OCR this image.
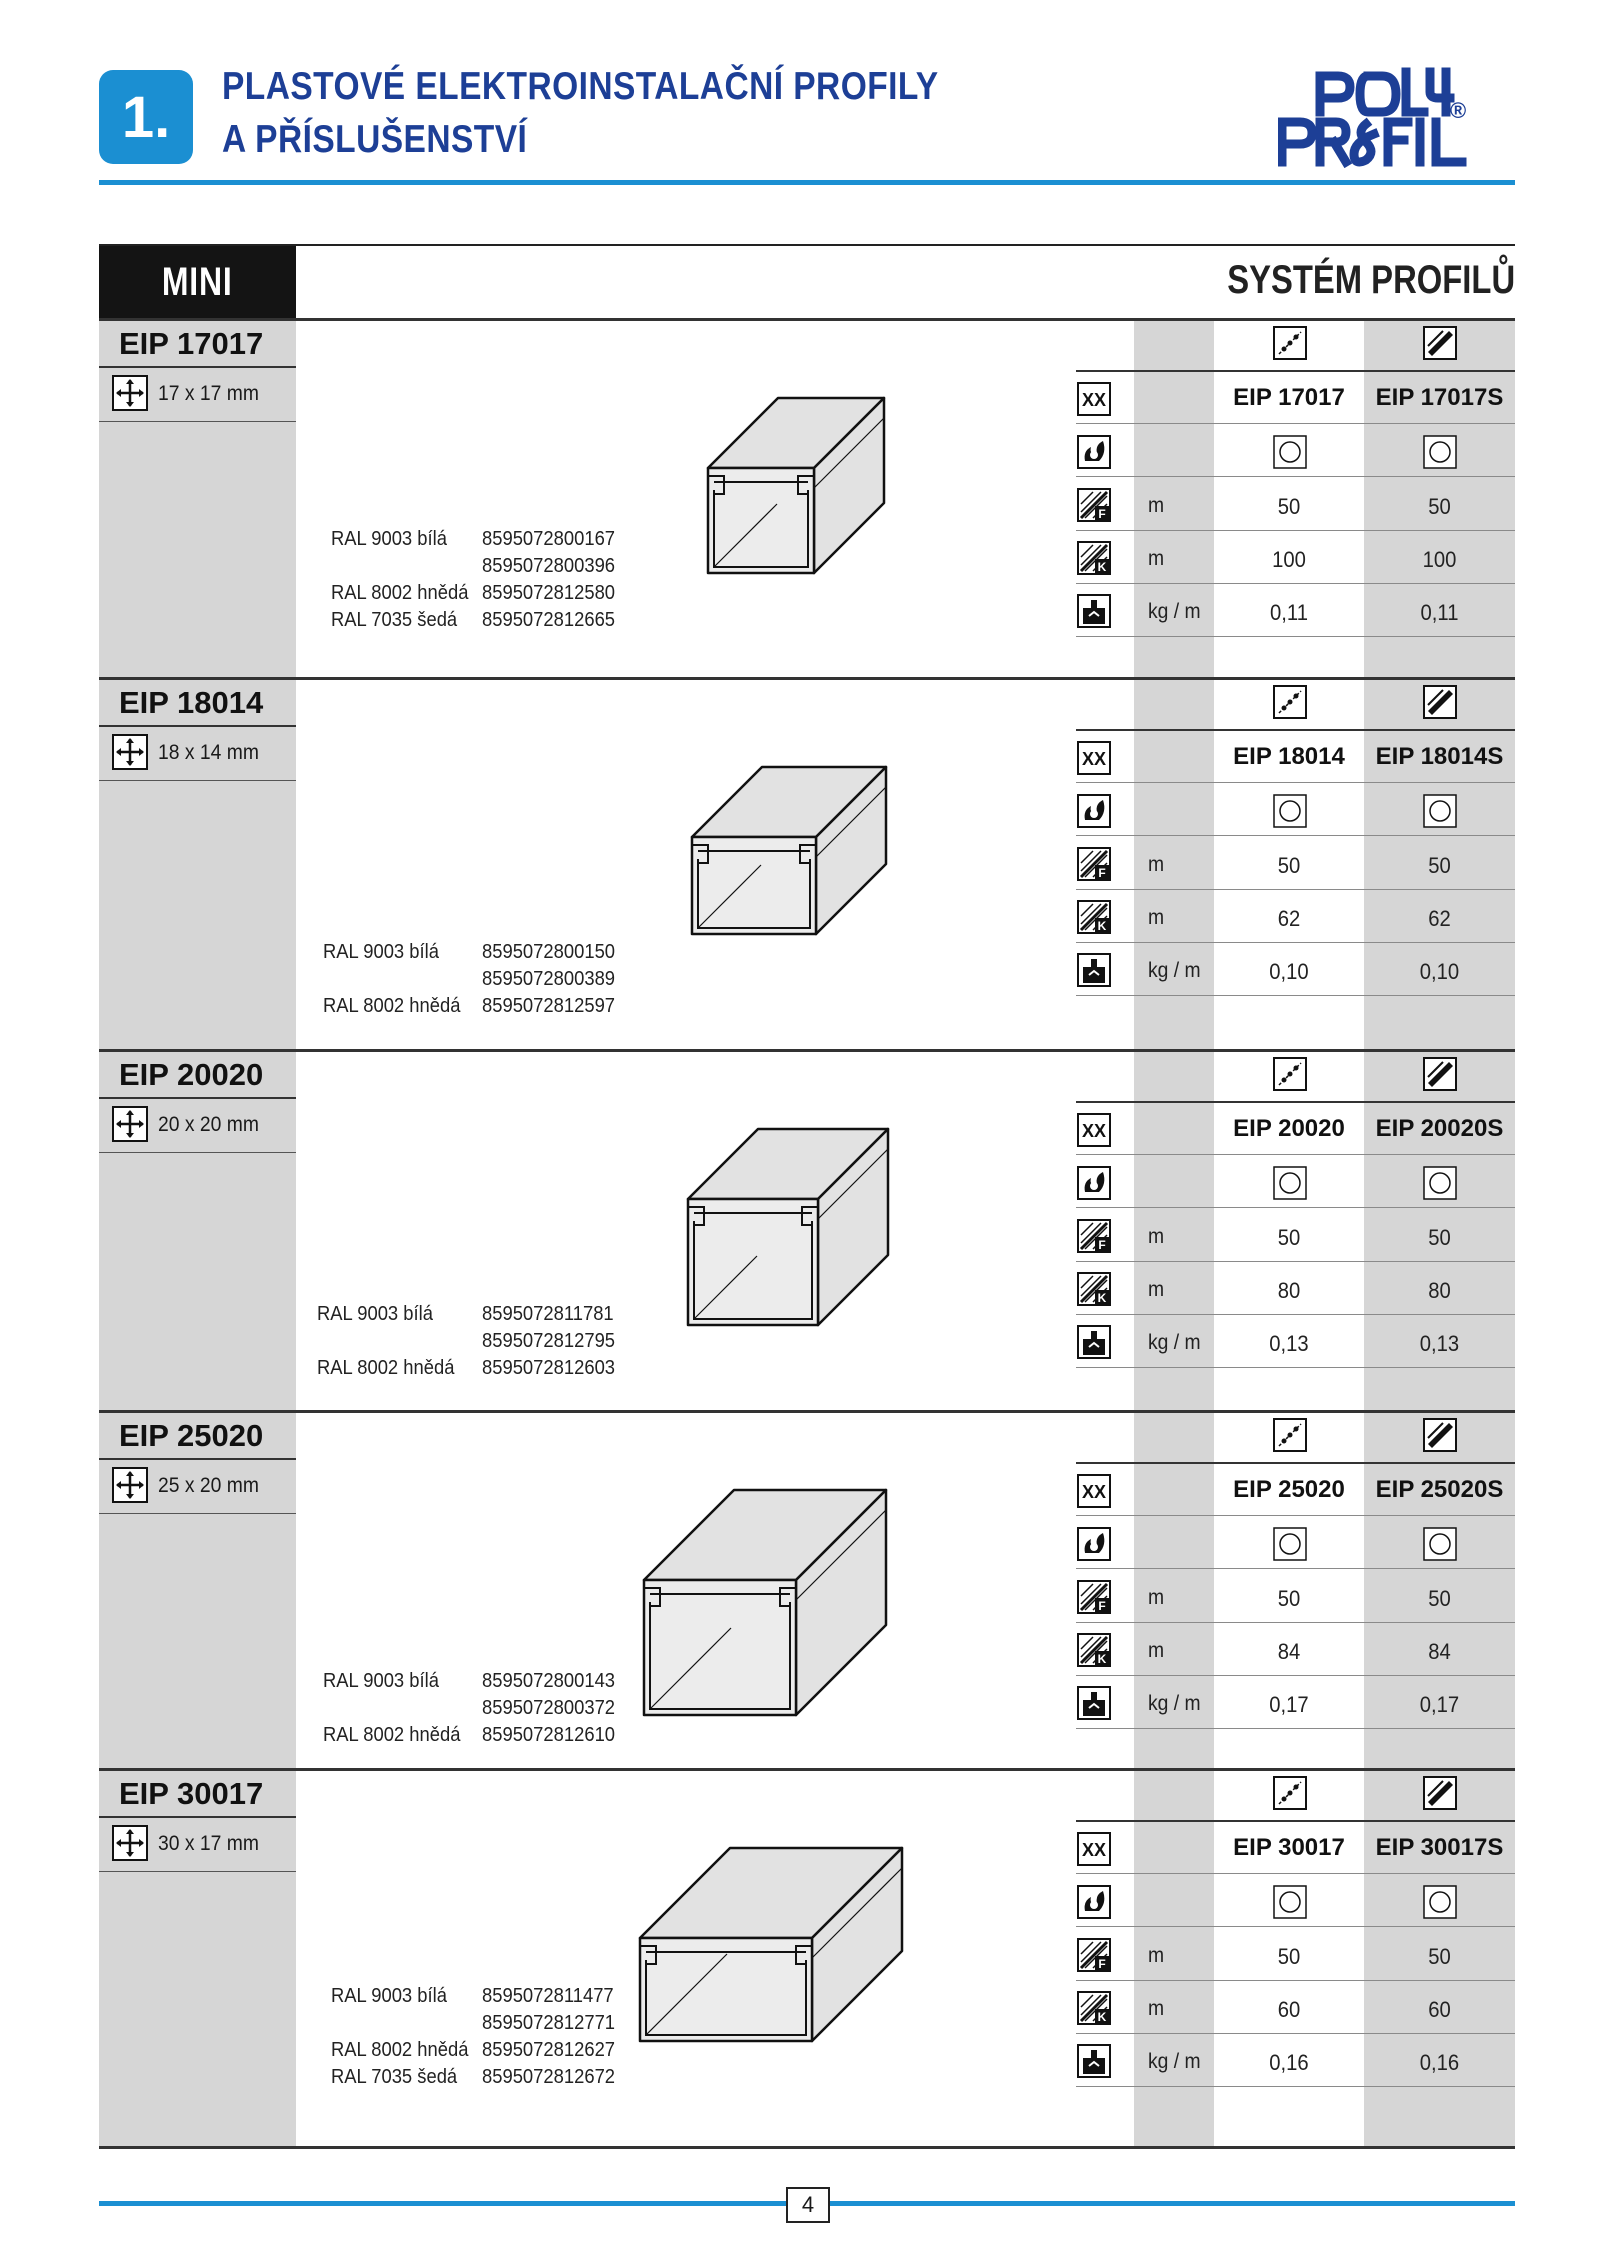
1. PLASTOVÉ ELEKTROINSTALAČNÍ PROFILY
A PŘÍSLUŠENSTVÍ
®
MINI	SYSTÉM PROFILŮ
EIP 17017
17 x 17 mm
RAL 9003 bílá 8595072800167
8595072800396
RAL 8002 hnědá 8595072812580
RAL 7035 šedá 8595072812665
XX	EIP 17017	EIP 17017S
F m	50	50
K m	100	100
kg / m	0,11	0,11
EIP 18014
18 x 14 mm
RAL 9003 bílá 8595072800150
8595072800389
RAL 8002 hnědá 8595072812597
XX	EIP 18014	EIP 18014S
F m	50	50
K m	62	62
kg / m	0,10	0,10
EIP 20020
20 x 20 mm
RAL 9003 bílá 8595072811781
8595072812795
RAL 8002 hnědá 8595072812603
XX	EIP 20020	EIP 20020S
F m	50	50
K m	80	80
kg / m	0,13	0,13
EIP 25020
25 x 20 mm
RAL 9003 bílá 8595072800143
8595072800372
RAL 8002 hnědá 8595072812610
XX	EIP 25020	EIP 25020S
F m	50	50
K m	84	84
kg / m	0,17	0,17
EIP 30017
30 x 17 mm
RAL 9003 bílá 8595072811477
8595072812771
RAL 8002 hnědá 8595072812627
RAL 7035 šedá 8595072812672
XX	EIP 30017	EIP 30017S
F m	50	50
K m	60	60
kg / m	0,16	0,16
4
